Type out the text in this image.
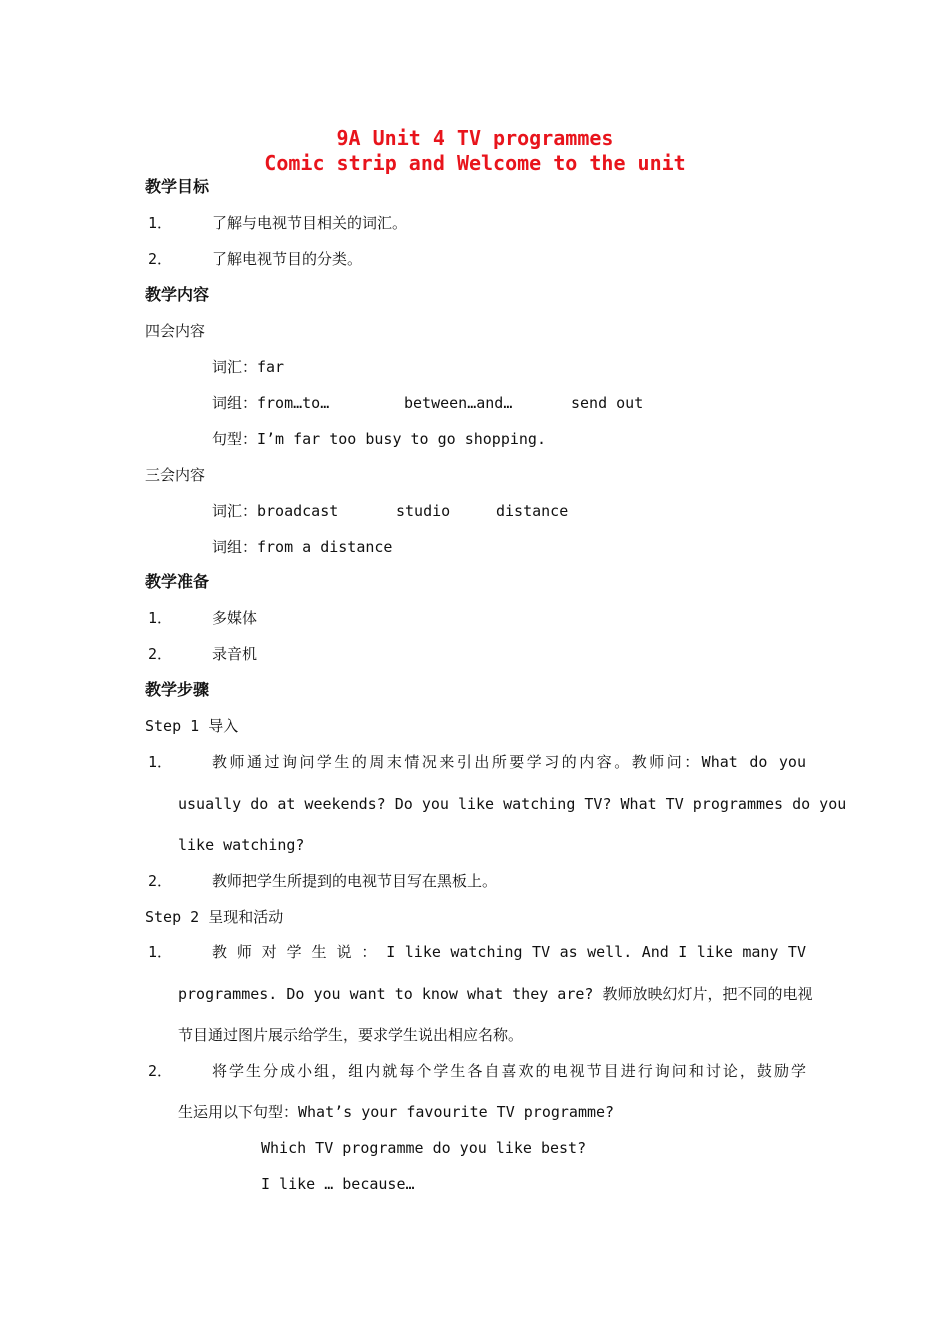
9A Unit 4 TV programmes
Comic strip and Welcome to the unit
教学目标
1．	了解与电视节目相关的词汇。
2．	了解电视节目的分类。
教学内容
四会内容
词汇：far
词组：from…to…	between…and…	send out
句型：I’m far too busy to go shopping.
三会内容
词汇：broadcast	studio	distance
词组：from a distance
教学准备
1．	多媒体
2．	录音机
教学步骤
Step 1 导入
1．	教师通过询问学生的周末情况来引出所要学习的内容。教师问：What do you
usually do at weekends? Do you like watching TV? What TV programmes do you
like watching?
2．	教师把学生所提到的电视节目写在黑板上。
Step 2 呈现和活动
1．	教 师 对 学 生 说 ： I like watching TV as well. And I like many TV
programmes. Do you want to know what they are? 教师放映幻灯片，把不同的电视
节目通过图片展示给学生，要求学生说出相应名称。
2．	将学生分成小组，组内就每个学生各自喜欢的电视节目进行询问和讨论，鼓励学
生运用以下句型：What’s your favourite TV programme?
Which TV programme do you like best?
I like … because…
